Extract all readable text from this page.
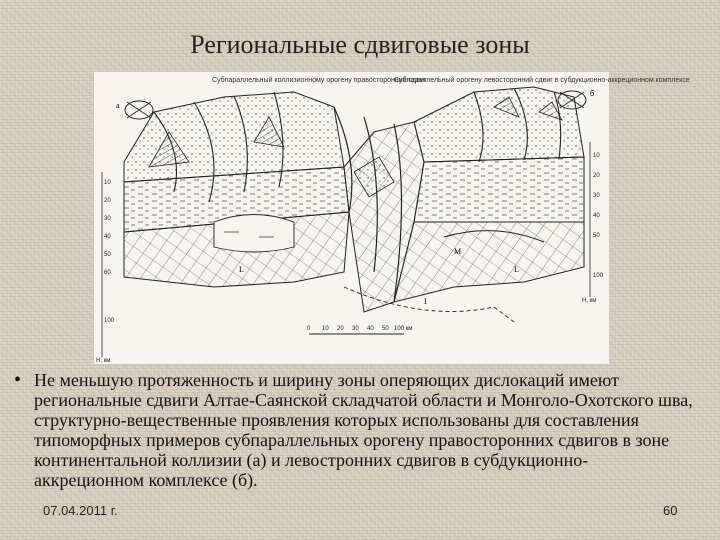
Региональные сдвиговые зоны
Субпараллельный коллизионному орогену правосторонний сдвиг
Субпараллельный орогену левосторонний сдвиг в субдукционно-аккреционном комплексе
а
б
L
M
L
I
10
20
30
40
50
60
100
H, км
10
20
30
40
50
100
H, км
0 10 20 30 40 50 100 км
• Не меньшую протяженность и ширину зоны оперяющих дислокаций имеют региональные сдвиги Алтае-Саянской складчатой области и Монголо-Охотского шва, структурно-вещественные проявления которых использованы для составления типоморфных примеров субпараллельных орогену правосторонних сдвигов в зоне континентальной коллизии (а) и левостронних сдвигов в субдукционно-аккреционном комплексе (б).
07.04.2011 г.	60
